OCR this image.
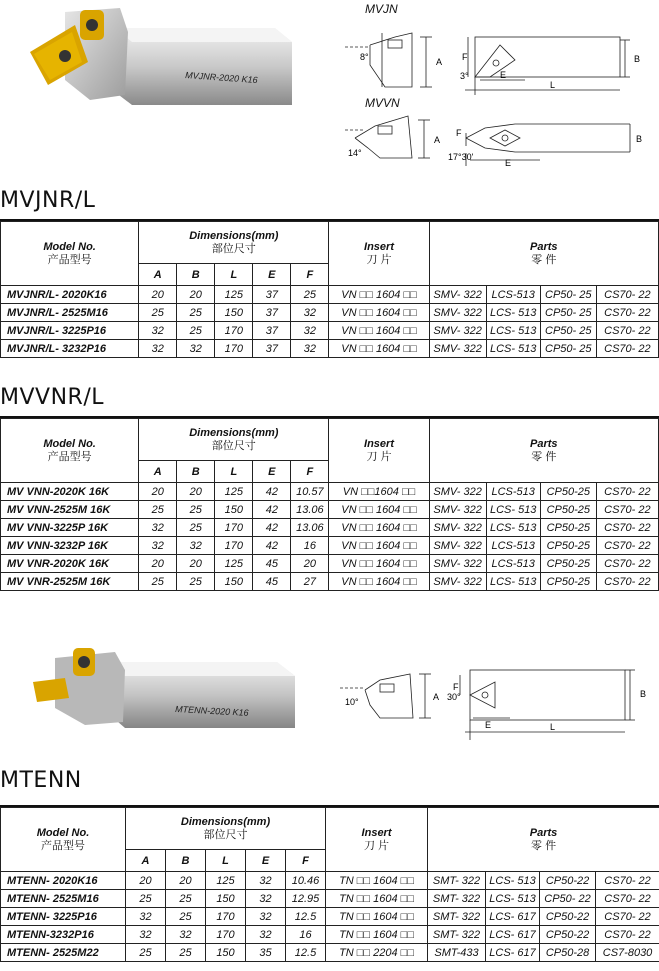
MVJNR-2020 K16
MVJN
8°	A F	B
E
3°
L
MVVN
14°
A
F
17°30'
E
B
MVJNR/L
Model No.
产品型号	Dimensions(mm)
部位尺寸					Insert
刀 片	Parts
零 件			

	A	B	L	E	F					
MVJNR/L- 2020K16	20	20	125	37	25	VN □□ 1604 □□	SMV- 322	LCS-513	CP50- 25	CS70- 22
MVJNR/L- 2525M16	25	25	150	37	32	VN □□ 1604 □□	SMV- 322	LCS- 513	CP50- 25	CS70- 22
MVJNR/L- 3225P16	32	25	170	37	32	VN □□ 1604 □□	SMV- 322	LCS- 513	CP50- 25	CS70- 22
MVJNR/L- 3232P16	32	32	170	37	32	VN □□ 1604 □□	SMV- 322	LCS- 513	CP50- 25	CS70- 22
MVVNR/L
Model No.
产品型号	Dimensions(mm)
部位尺寸					Insert
刀 片	Parts
零 件			

	A	B	L	E	F					
MV VNN-2020K 16K	20	20	125	42	10.57	VN □□1604 □□	SMV- 322	LCS-513	CP50-25	CS70- 22
MV VNN-2525M 16K	25	25	150	42	13.06	VN □□ 1604 □□	SMV- 322	LCS- 513	CP50-25	CS70- 22
MV VNN-3225P 16K	32	25	170	42	13.06	VN □□ 1604 □□	SMV- 322	LCS- 513	CP50-25	CS70- 22
MV VNN-3232P 16K	32	32	170	42	16	VN □□ 1604 □□	SMV- 322	LCS-513	CP50-25	CS70- 22
MV VNR-2020K 16K	20	20	125	45	20	VN □□ 1604 □□	SMV- 322	LCS-513	CP50-25	CS70- 22
MV VNR-2525M 16K	25	25	150	45	27	VN □□ 1604 □□	SMV- 322	LCS- 513	CP50-25	CS70- 22
MTENN-2020 K16
10°	A 30°
F
E
B
L
MTENN
Model No.
产品型号	Dimensions(mm)
部位尺寸					Insert
刀 片	Parts
零 件			

	A	B	L	E	F					
MTENN- 2020K16	20	20	125	32	10.46	TN □□ 1604 □□	SMT- 322	LCS- 513	CP50-22	CS70- 22
MTENN- 2525M16	25	25	150	32	12.95	TN □□ 1604 □□	SMT- 322	LCS- 513	CP50- 22	CS70- 22
MTENN- 3225P16	32	25	170	32	12.5	TN □□ 1604 □□	SMT- 322	LCS- 617	CP50-22	CS70- 22
MTENN-3232P16	32	32	170	32	16	TN □□ 1604 □□	SMT- 322	LCS- 617	CP50-22	CS70- 22
MTENN- 2525M22	25	25	150	35	12.5	TN □□ 2204 □□	SMT-433	LCS- 617	CP50-28	CS7-8030
